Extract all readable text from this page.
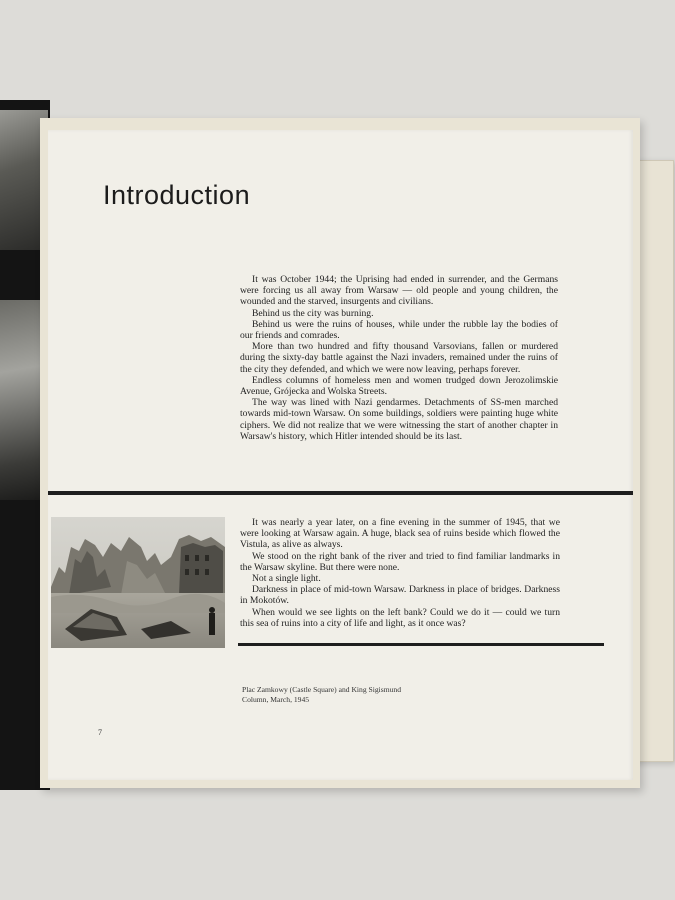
Introduction

It was October 1944; the Uprising had ended in surrender, and the Germans were forcing us all away from Warsaw — old people and young children, the wounded and the starved, insurgents and civilians.

Behind us the city was burning.

Behind us were the ruins of houses, while under the rubble lay the bodies of our friends and comrades.

More than two hundred and fifty thousand Varsovians, fallen or murdered during the sixty-day battle against the Nazi invaders, remained under the ruins of the city they defended, and which we were now leaving, perhaps forever.

Endless columns of homeless men and women trudged down Jerozolimskie Avenue, Grójecka and Wolska Streets.

The way was lined with Nazi gendarmes. Detachments of SS-men marched towards mid-town Warsaw. On some buildings, soldiers were painting huge white ciphers. We did not realize that we were witnessing the start of another chapter in Warsaw's history, which Hitler intended should be its last.

It was nearly a year later, on a fine evening in the summer of 1945, that we were looking at Warsaw again. A huge, black sea of ruins beside which flowed the Vistula, as alive as always.

We stood on the right bank of the river and tried to find familiar landmarks in the Warsaw skyline. But there were none.

Not a single light.

Darkness in place of mid-town Warsaw. Darkness in place of bridges. Darkness in Mokotów.

When would we see lights on the left bank? Could we do it — could we turn this sea of ruins into a city of life and light, as it once was?

Plac Zamkowy (Castle Square) and King Sigismund
Column, March, 1945
7
